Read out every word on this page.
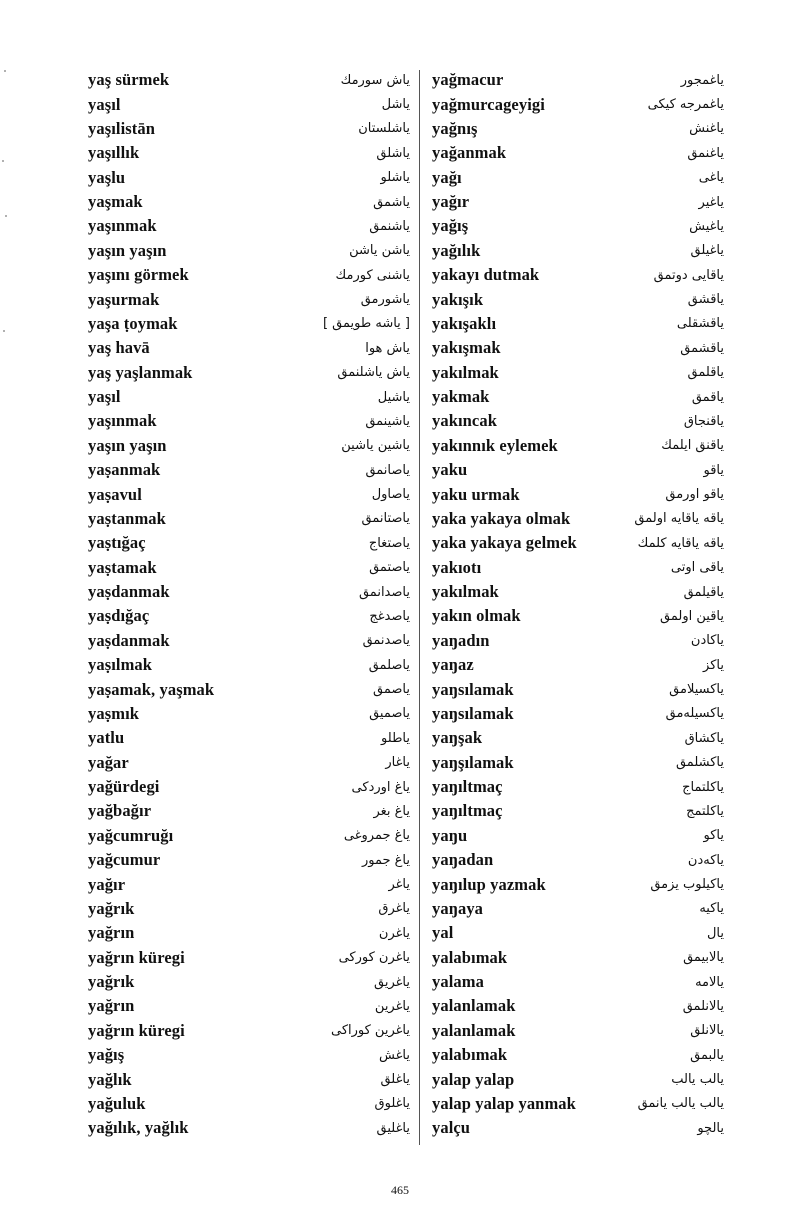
yaş sürmek	ياش سورمك
yaşıl	ياشل
yaşılistān	ياشلستان
yaşıllık	ياشلق
yaşlu	ياشلو
yaşmak	ياشمق
yaşınmak	ياشنمق
yaşın yaşın	ياشن ياشن
yaşını görmek	ياشنى كورمك
yaşurmak	ياشورمق
yaşa ṭoymak	[ ياشه طويمق ]
yaş havā	ياش هوا
yaş yaşlanmak	ياش ياشلنمق
yaşıl	ياشيل
yaşınmak	ياشينمق
yaşın yaşın	ياشين ياشين
yaṣanmak	ياصانمق
yaṣavul	ياصاول
yaṣtanmak	ياصتانمق
yaṣtığaç	ياصتغاج
yaṣtamak	ياصتمق
yaṣdanmak	ياصدانمق
yaṣdığaç	ياصدغج
yaṣdanmak	ياصدنمق
yaṣılmak	ياصلمق
yaṣamak, yaşmak	ياصمق
yaṣmık	ياصميق
yatlu	ياطلو
yağar	ياغار
yağürdegi	ياغ اوردكى
yağbağır	ياغ بغر
yağcumruğı	ياغ جمروغى
yağcumur	ياغ جمور
yağır	ياغر
yağrık	ياغرق
yağrın	ياغرن
yağrın küregi	ياغرن كوركى
yağrık	ياغريق
yağrın	ياغرين
yağrın küregi	ياغرين كوراكى
yağış	ياغش
yağlık	ياغلق
yağuluk	ياغلوق
yağılık, yağlık	ياغليق
yağmacur	ياغمجور
yağmurcageyigi	ياغمرجه كيكى
yağnış	ياغنش
yağanmak	ياغنمق
yağı	ياغى
yağır	ياغير
yağış	ياغيش
yağılık	ياغيلق
yakayı dutmak	ياقايى دوتمق
yakışık	ياقشق
yakışaklı	ياقشقلى
yakışmak	ياقشمق
yakılmak	ياقلمق
yakmak	ياقمق
yakıncak	ياقنجاق
yakınnık eylemek	ياقنق ايلمك
yaku	ياقو
yaku urmak	ياقو اورمق
yaka yakaya olmak	ياقه ياقايه اولمق
yaka yakaya gelmek	ياقه ياقايه كلمك
yakıotı	ياقى اوتى
yakılmak	ياقيلمق
yakın olmak	ياقين اولمق
yaŋadın	ياكادن
yaŋaz	ياكز
yaŋsılamak	ياكسيلامق
yaŋsılamak	ياكسيله‌مق
yaŋşak	ياكشاق
yaŋşılamak	ياكشلمق
yaŋıltmaç	ياكلتماج
yaŋıltmaç	ياكلتمج
yaŋu	ياكو
yaŋadan	ياكه‌دن
yaŋılup yazmak	ياكيلوب يزمق
yaŋaya	ياكيه
yal	يال
yalabımak	يالابيمق
yalama	يالامه
yalanlamak	يالانلمق
yalanlamak	يالانلق
yalabımak	يالبمق
yalap yalap	يالب يالب
yalap yalap yanmak	يالب يالب يانمق
yalçu	يالچو
465
